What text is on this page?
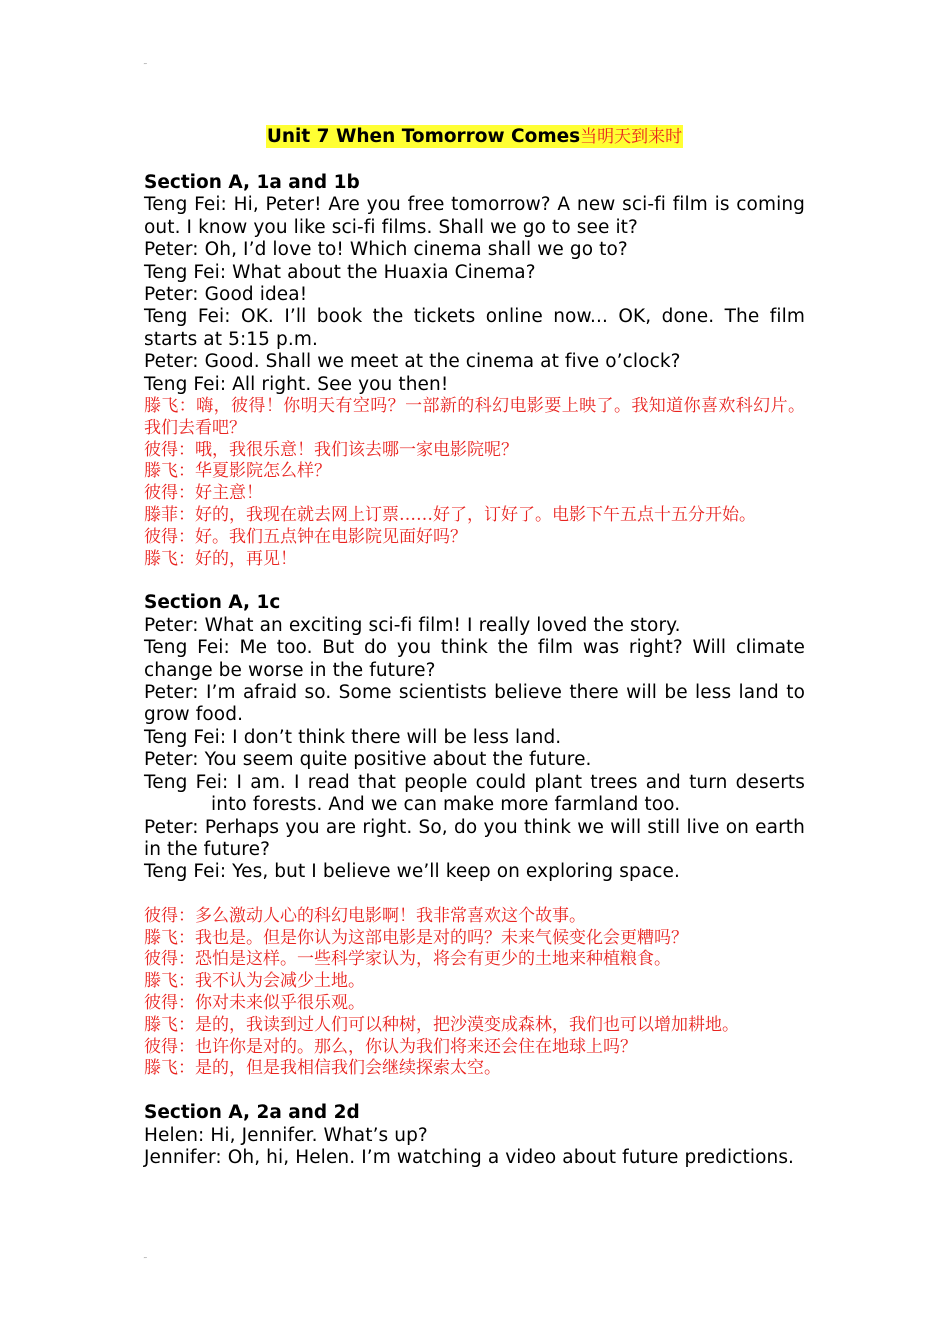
˜
Unit 7 When Tomorrow Comes当明天到来时

Section A, 1a and 1b

Teng Fei: Hi, Peter! Are you free tomorrow? A new sci-fi film is coming out. I know you like sci-fi films. Shall we go to see it?

Peter: Oh, I’d love to! Which cinema shall we go to?

Teng Fei: What about the Huaxia Cinema?

Peter: Good idea!

Teng Fei: OK. I’ll book the tickets online now... OK, done. The film starts at 5:15 p.m.

Peter: Good. Shall we meet at the cinema at five o’clock?

Teng Fei: All right. See you then!

滕飞：嗨，彼得！你明天有空吗？一部新的科幻电影要上映了。我知道你喜欢科幻片。我们去看吧？

彼得：哦，我很乐意！我们该去哪一家电影院呢？

滕飞：华夏影院怎么样？

彼得：好主意！

滕菲：好的，我现在就去网上订票……好了，订好了。电影下午五点十五分开始。

彼得：好。我们五点钟在电影院见面好吗？

滕飞：好的，再见！

Section A, 1c

Peter: What an exciting sci-fi film! I really loved the story.

Teng Fei: Me too. But do you think the film was right? Will climate change be worse in the future?

Peter: I’m afraid so. Some scientists believe there will be less land to grow food.

Teng Fei: I don’t think there will be less land.

Peter: You seem quite positive about the future.

Teng Fei: I am. I read that people could plant trees and turn deserts into forests. And we can make more farmland too.

Peter: Perhaps you are right. So, do you think we will still live on earth in the future?

Teng Fei: Yes, but I believe we’ll keep on exploring space.

彼得：多么激动人心的科幻电影啊！我非常喜欢这个故事。

滕飞：我也是。但是你认为这部电影是对的吗？未来气候变化会更糟吗？

彼得：恐怕是这样。一些科学家认为，将会有更少的土地来种植粮食。

滕飞：我不认为会减少土地。

彼得：你对未来似乎很乐观。

滕飞：是的，我读到过人们可以种树，把沙漠变成森林，我们也可以增加耕地。

彼得：也许你是对的。那么，你认为我们将来还会住在地球上吗？

滕飞：是的，但是我相信我们会继续探索太空。

Section A, 2a and 2d

Helen: Hi, Jennifer. What’s up?

Jennifer: Oh, hi, Helen. I’m watching a video about future predictions.

˜
